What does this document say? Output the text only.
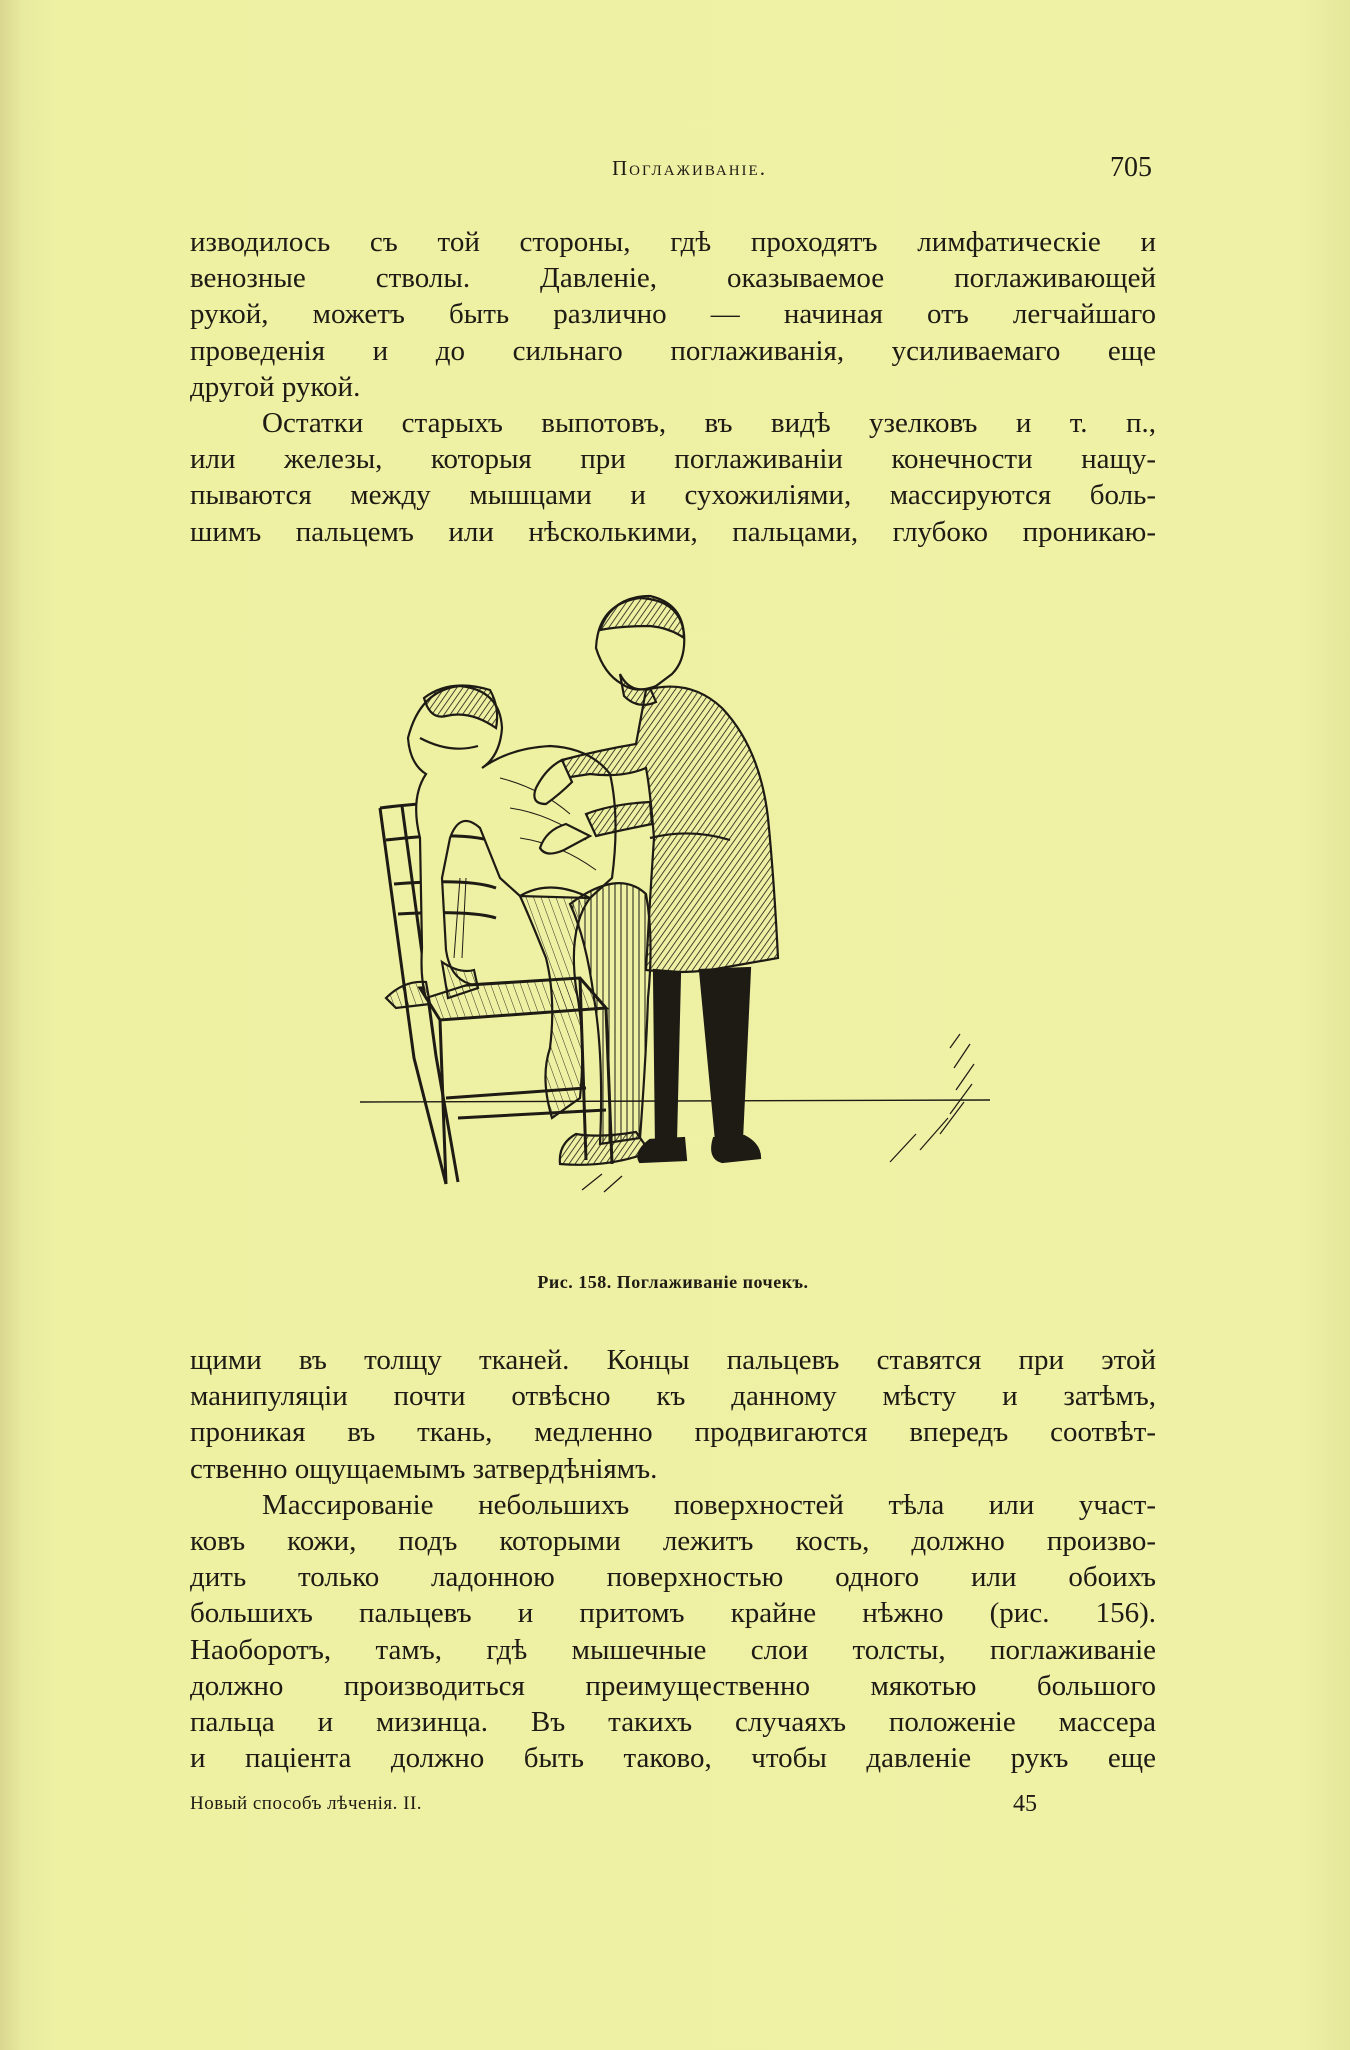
Поглаживаніе.	705
изводилось съ той стороны, гдѣ проходятъ лимфатическіе и
венозные стволы. Давленіе, оказываемое поглаживающей
рукой, можетъ быть различно — начиная отъ легчайшаго
проведенія и до сильнаго поглаживанія, усиливаемаго еще
другой рукой.
Остатки старыхъ выпотовъ, въ видѣ узелковъ и т. п.,
или железы, которыя при поглаживаніи конечности нащу-
пываются между мышцами и сухожиліями, массируются боль-
шимъ пальцемъ или нѣсколькими, пальцами, глубоко проникаю-
Рис. 158. Поглаживаніе почекъ.
щими въ толщу тканей. Концы пальцевъ ставятся при этой
манипуляціи почти отвѣсно къ данному мѣсту и затѣмъ,
проникая въ ткань, медленно продвигаются впередъ соотвѣт-
ственно ощущаемымъ затвердѣніямъ.
Массированіе небольшихъ поверхностей тѣла или участ-
ковъ кожи, подъ которыми лежитъ кость, должно произво-
дить только ладонною поверхностью одного или обоихъ
большихъ пальцевъ и притомъ крайне нѣжно (рис. 156).
Наоборотъ, тамъ, гдѣ мышечные слои толсты, поглаживаніе
должно производиться преимущественно мякотью большого
пальца и мизинца. Въ такихъ случаяхъ положеніе массера
и паціента должно быть таково, чтобы давленіе рукъ еще
Новый способъ лѣченія. II.	45
